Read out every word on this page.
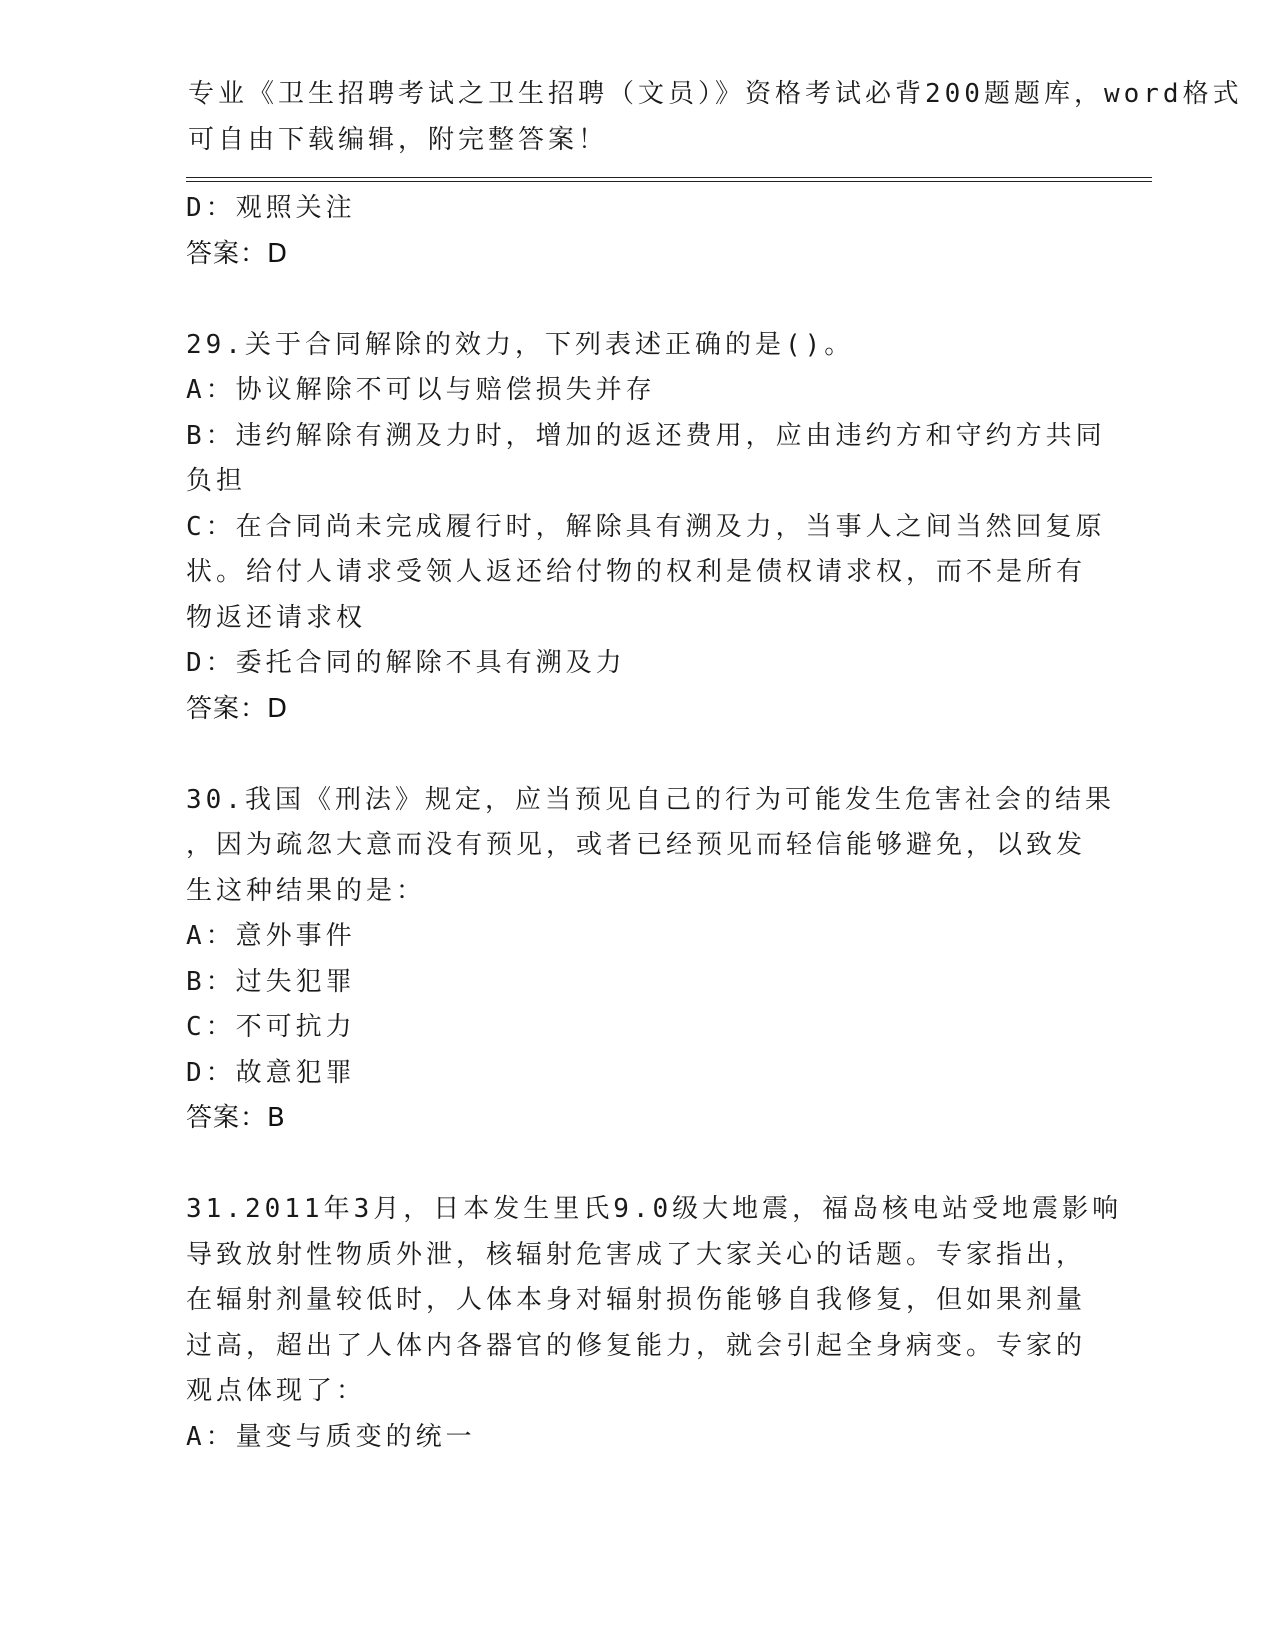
专业《卫生招聘考试之卫生招聘（文员）》资格考试必背200题题库，word格式
可自由下载编辑，附完整答案！
D：观照关注
答案：D
29.关于合同解除的效力，下列表述正确的是()。
A：协议解除不可以与赔偿损失并存
B：违约解除有溯及力时，增加的返还费用，应由违约方和守约方共同
负担
C：在合同尚未完成履行时，解除具有溯及力，当事人之间当然回复原
状。给付人请求受领人返还给付物的权利是债权请求权，而不是所有
物返还请求权
D：委托合同的解除不具有溯及力
答案：D
30.我国《刑法》规定，应当预见自己的行为可能发生危害社会的结果
，因为疏忽大意而没有预见，或者已经预见而轻信能够避免，以致发
生这种结果的是：
A：意外事件
B：过失犯罪
C：不可抗力
D：故意犯罪
答案：B
31.2011年3月，日本发生里氏9.0级大地震，福岛核电站受地震影响
导致放射性物质外泄，核辐射危害成了大家关心的话题。专家指出，
在辐射剂量较低时，人体本身对辐射损伤能够自我修复，但如果剂量
过高，超出了人体内各器官的修复能力，就会引起全身病变。专家的
观点体现了：
A：量变与质变的统一
